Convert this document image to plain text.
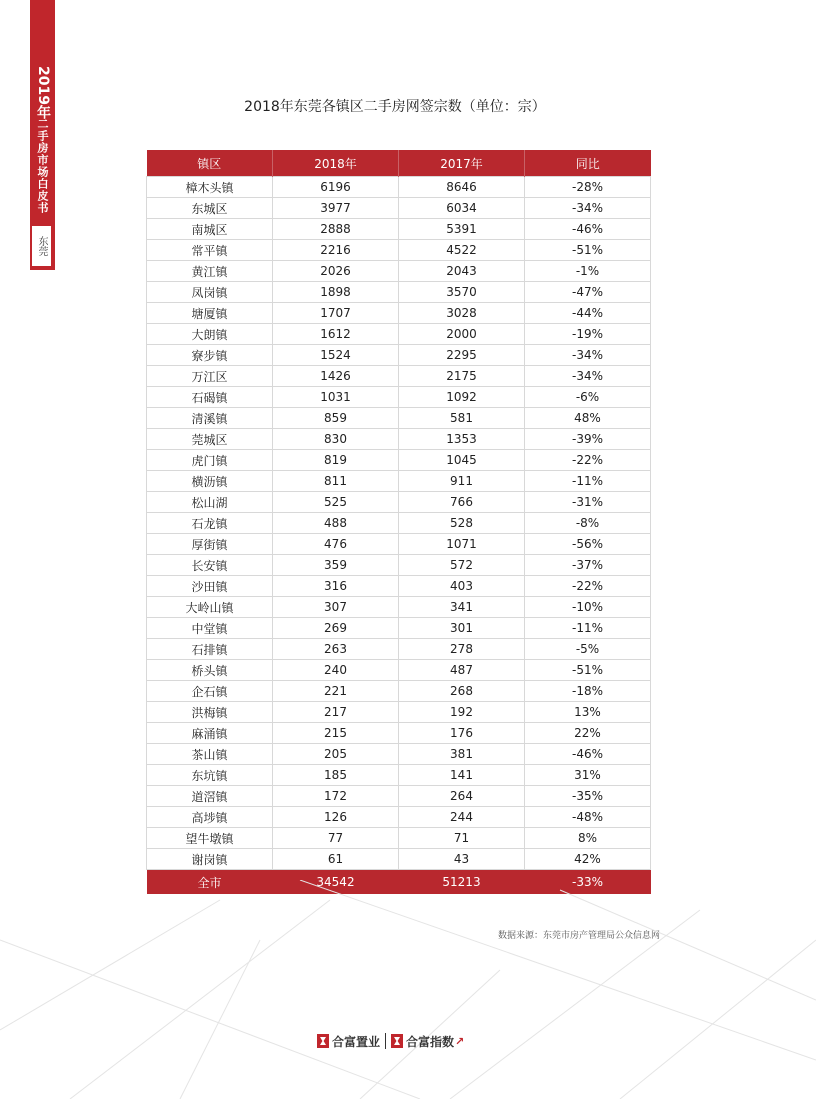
2019年
二手房市场白皮书
东莞
2018年东莞各镇区二手房网签宗数（单位：宗）
镇区	2018年	2017年	同比
樟木头镇	6196	8646	-28%
东城区	3977	6034	-34%
南城区	2888	5391	-46%
常平镇	2216	4522	-51%
黄江镇	2026	2043	-1%
凤岗镇	1898	3570	-47%
塘厦镇	1707	3028	-44%
大朗镇	1612	2000	-19%
寮步镇	1524	2295	-34%
万江区	1426	2175	-34%
石碣镇	1031	1092	-6%
清溪镇	859	581	48%
莞城区	830	1353	-39%
虎门镇	819	1045	-22%
横沥镇	811	911	-11%
松山湖	525	766	-31%
石龙镇	488	528	-8%
厚街镇	476	1071	-56%
长安镇	359	572	-37%
沙田镇	316	403	-22%
大岭山镇	307	341	-10%
中堂镇	269	301	-11%
石排镇	263	278	-5%
桥头镇	240	487	-51%
企石镇	221	268	-18%
洪梅镇	217	192	13%
麻涌镇	215	176	22%
茶山镇	205	381	-46%
东坑镇	185	141	31%
道滘镇	172	264	-35%
高埗镇	126	244	-48%
望牛墩镇	77	71	8%
谢岗镇	61	43	42%
全市	34542	51213	-33%
数据来源：东莞市房产管理局公众信息网
合富置业 合富指数 ↗
